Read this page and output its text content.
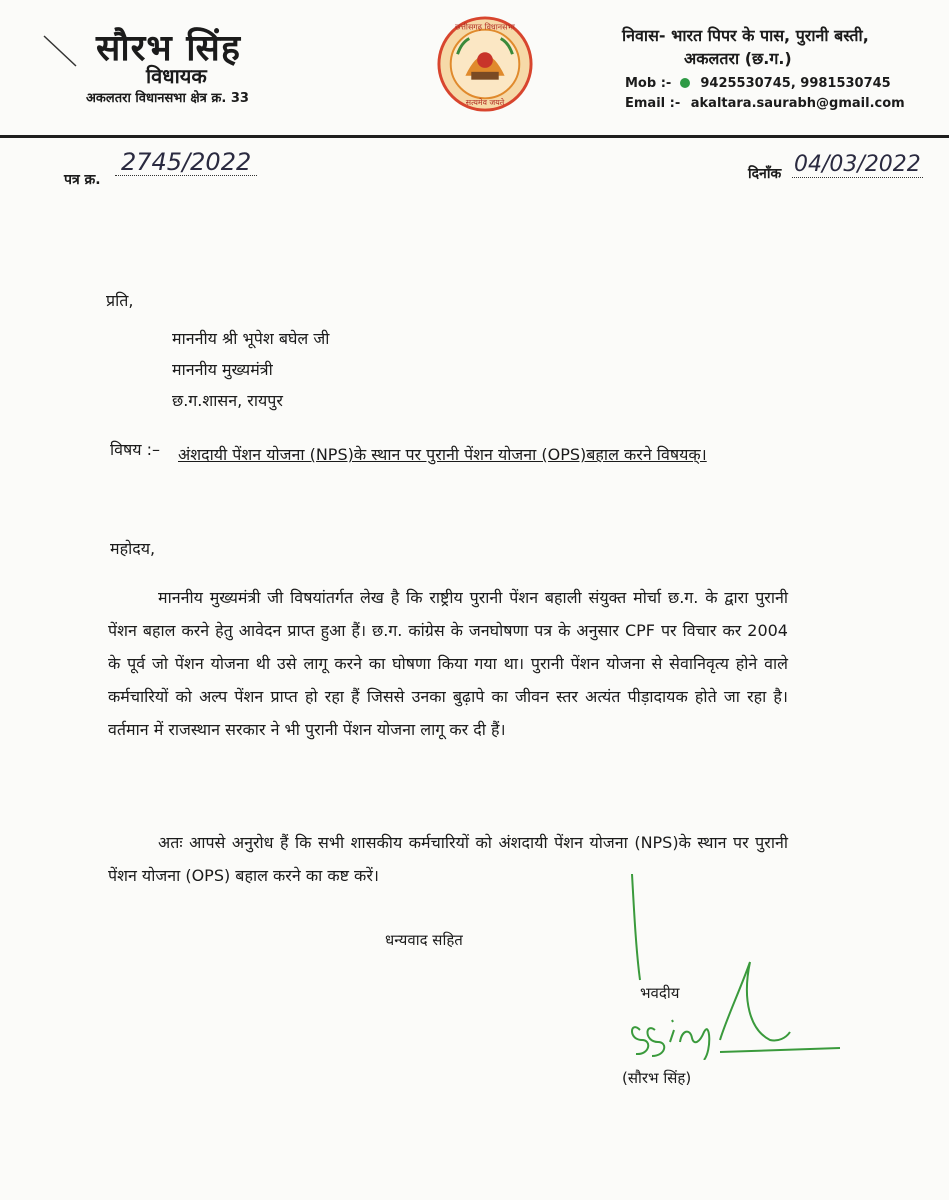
सौरभ सिंह
विधायक
अकलतरा विधानसभा क्षेत्र क्र. 33
छत्तीसगढ़ विधानसभा
सत्यमेव जयते
निवास- भारत पिपर के पास, पुरानी बस्ती,
अकलतरा (छ.ग.)
Mob :- 9425530745, 9981530745
Email :- akaltara.saurabh@gmail.com
पत्र क्र.
2745/2022	दिनाँक 04/03/2022
प्रति,
माननीय श्री भूपेश बघेल जी
माननीय मुख्यमंत्री
छ.ग.शासन, रायपुर
विषय :– अंशदायी पेंशन योजना (NPS)के स्थान पर पुरानी पेंशन योजना (OPS)बहाल करने विषयक्।
महोदय,
माननीय मुख्यमंत्री जी विषयांतर्गत लेख है कि राष्ट्रीय पुरानी पेंशन बहाली संयुक्त मोर्चा छ.ग. के द्वारा पुरानी पेंशन बहाल करने हेतु आवेदन प्राप्त हुआ हैं। छ.ग. कांग्रेस के जनघोषणा पत्र के अनुसार CPF पर विचार कर 2004 के पूर्व जो पेंशन योजना थी उसे लागू करने का घोषणा किया गया था। पुरानी पेंशन योजना से सेवानिवृत्य होने वाले कर्मचारियों को अल्प पेंशन प्राप्त हो रहा हैं जिससे उनका बुढ़ापे का जीवन स्तर अत्यंत पीड़ादायक होते जा रहा है। वर्तमान में राजस्थान सरकार ने भी पुरानी पेंशन योजना लागू कर दी हैं।
अतः आपसे अनुरोध हैं कि सभी शासकीय कर्मचारियों को अंशदायी पेंशन योजना (NPS)के स्थान पर पुरानी पेंशन योजना (OPS) बहाल करने का कष्ट करें।
धन्यवाद सहित
भवदीय
(सौरभ सिंह)
